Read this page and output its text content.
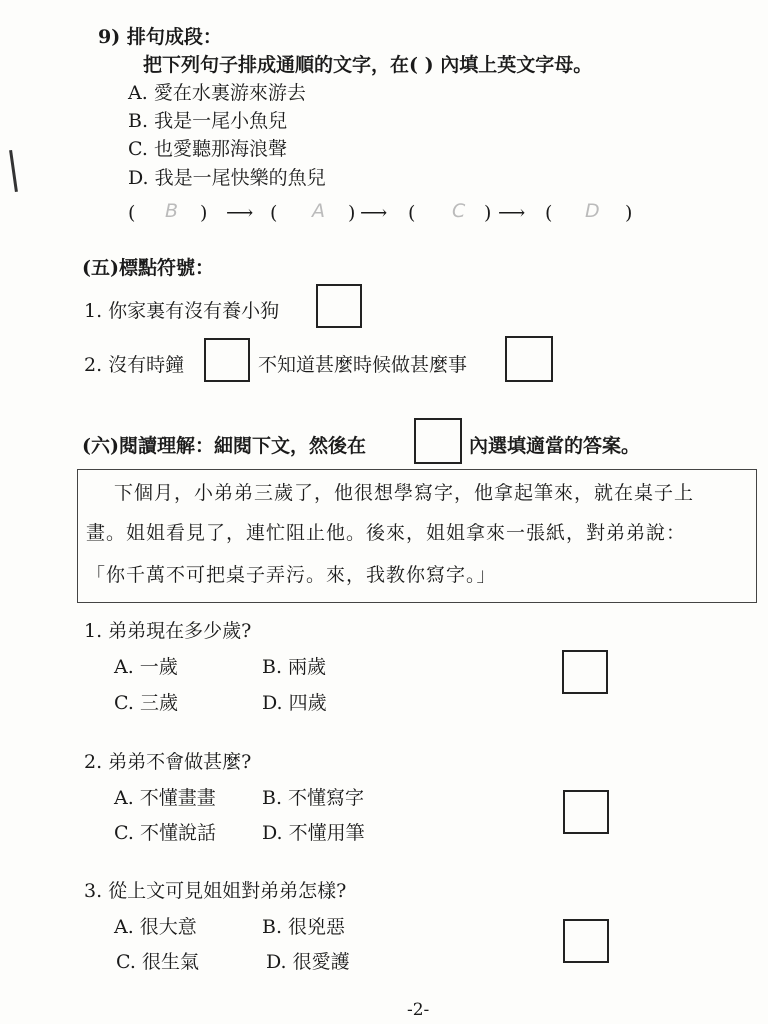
9) 排句成段：
把下列句子排成通順的文字，在( ) 內填上英文字母。
A. 愛在水裏游來游去
B. 我是一尾小魚兒
C. 也愛聽那海浪聲
D. 我是一尾快樂的魚兒
( B ) ⟶ ( A ) ⟶ ( C ) ⟶ ( D )
(五)標點符號：
1. 你家裏有沒有養小狗
2. 沒有時鐘	不知道甚麼時候做甚麼事
(六)閱讀理解：細閱下文，然後在	內選填適當的答案。
下個月，小弟弟三歲了，他很想學寫字，他拿起筆來，就在桌子上
畫。姐姐看見了，連忙阻止他。後來，姐姐拿來一張紙，對弟弟說：
「你千萬不可把桌子弄污。來，我教你寫字。」
1. 弟弟現在多少歲?
A. 一歲	B. 兩歲
C. 三歲	D. 四歲
2. 弟弟不會做甚麼?
A. 不懂畫畫 B. 不懂寫字
C. 不懂說話 D. 不懂用筆
3. 從上文可見姐姐對弟弟怎樣?
A. 很大意	B. 很兇惡
C. 很生氣	D. 很愛護
-2-
